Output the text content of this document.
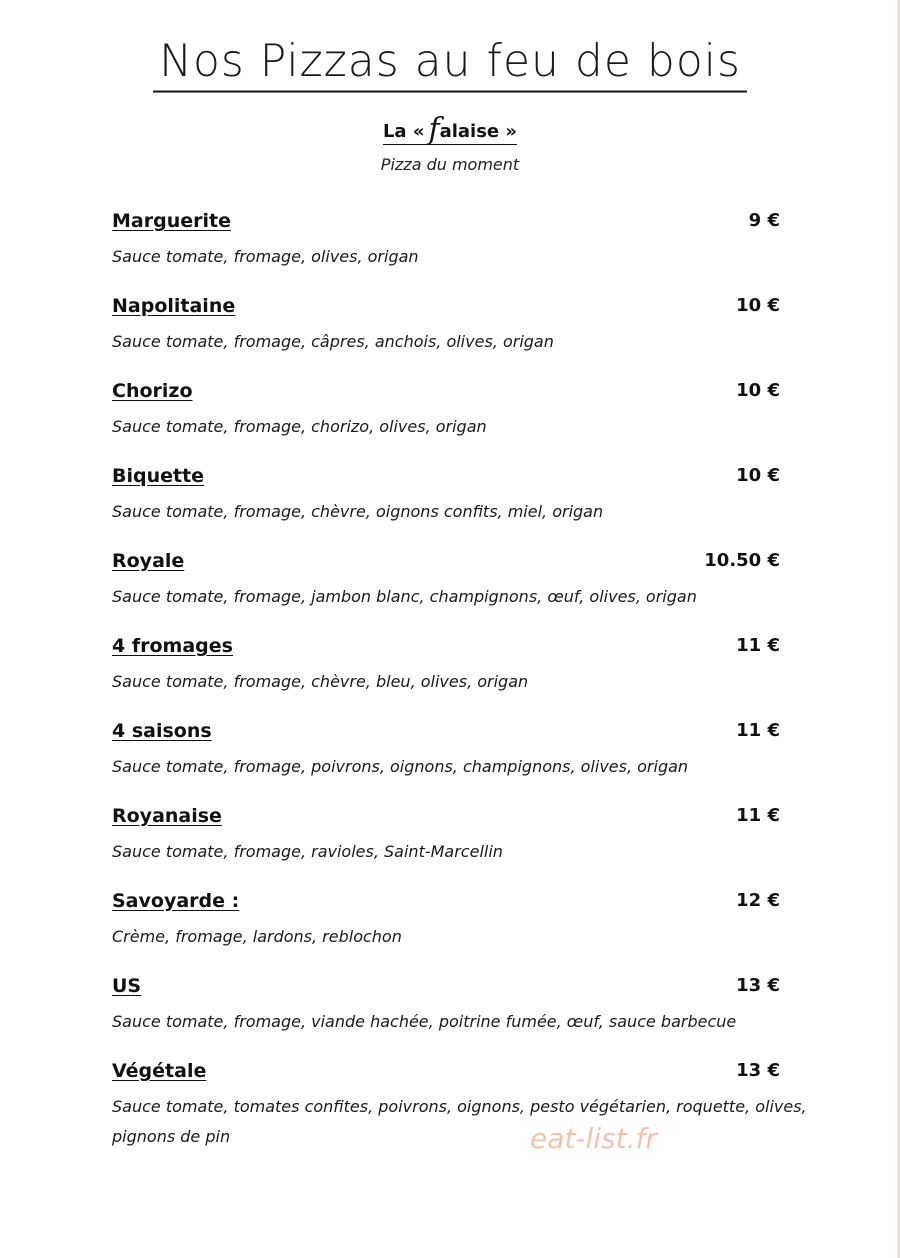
Nos Pizzas au feu de bois
La « falaise »
Pizza du moment
Marguerite	9 €
Sauce tomate, fromage, olives, origan
Napolitaine	10 €
Sauce tomate, fromage, câpres, anchois, olives, origan
Chorizo	10 €
Sauce tomate, fromage, chorizo, olives, origan
Biquette	10 €
Sauce tomate, fromage, chèvre, oignons confits, miel, origan
Royale	10.50 €
Sauce tomate, fromage, jambon blanc, champignons, œuf, olives, origan
4 fromages	11 €
Sauce tomate, fromage, chèvre, bleu, olives, origan
4 saisons	11 €
Sauce tomate, fromage, poivrons, oignons, champignons, olives, origan
Royanaise	11 €
Sauce tomate, fromage, ravioles, Saint-Marcellin
Savoyarde :	12 €
Crème, fromage, lardons, reblochon
US	13 €
Sauce tomate, fromage, viande hachée, poitrine fumée, œuf, sauce barbecue
Végétale	13 €
Sauce tomate, tomates confites, poivrons, oignons, pesto végétarien, roquette, olives, pignons de pin	eat-list.fr
